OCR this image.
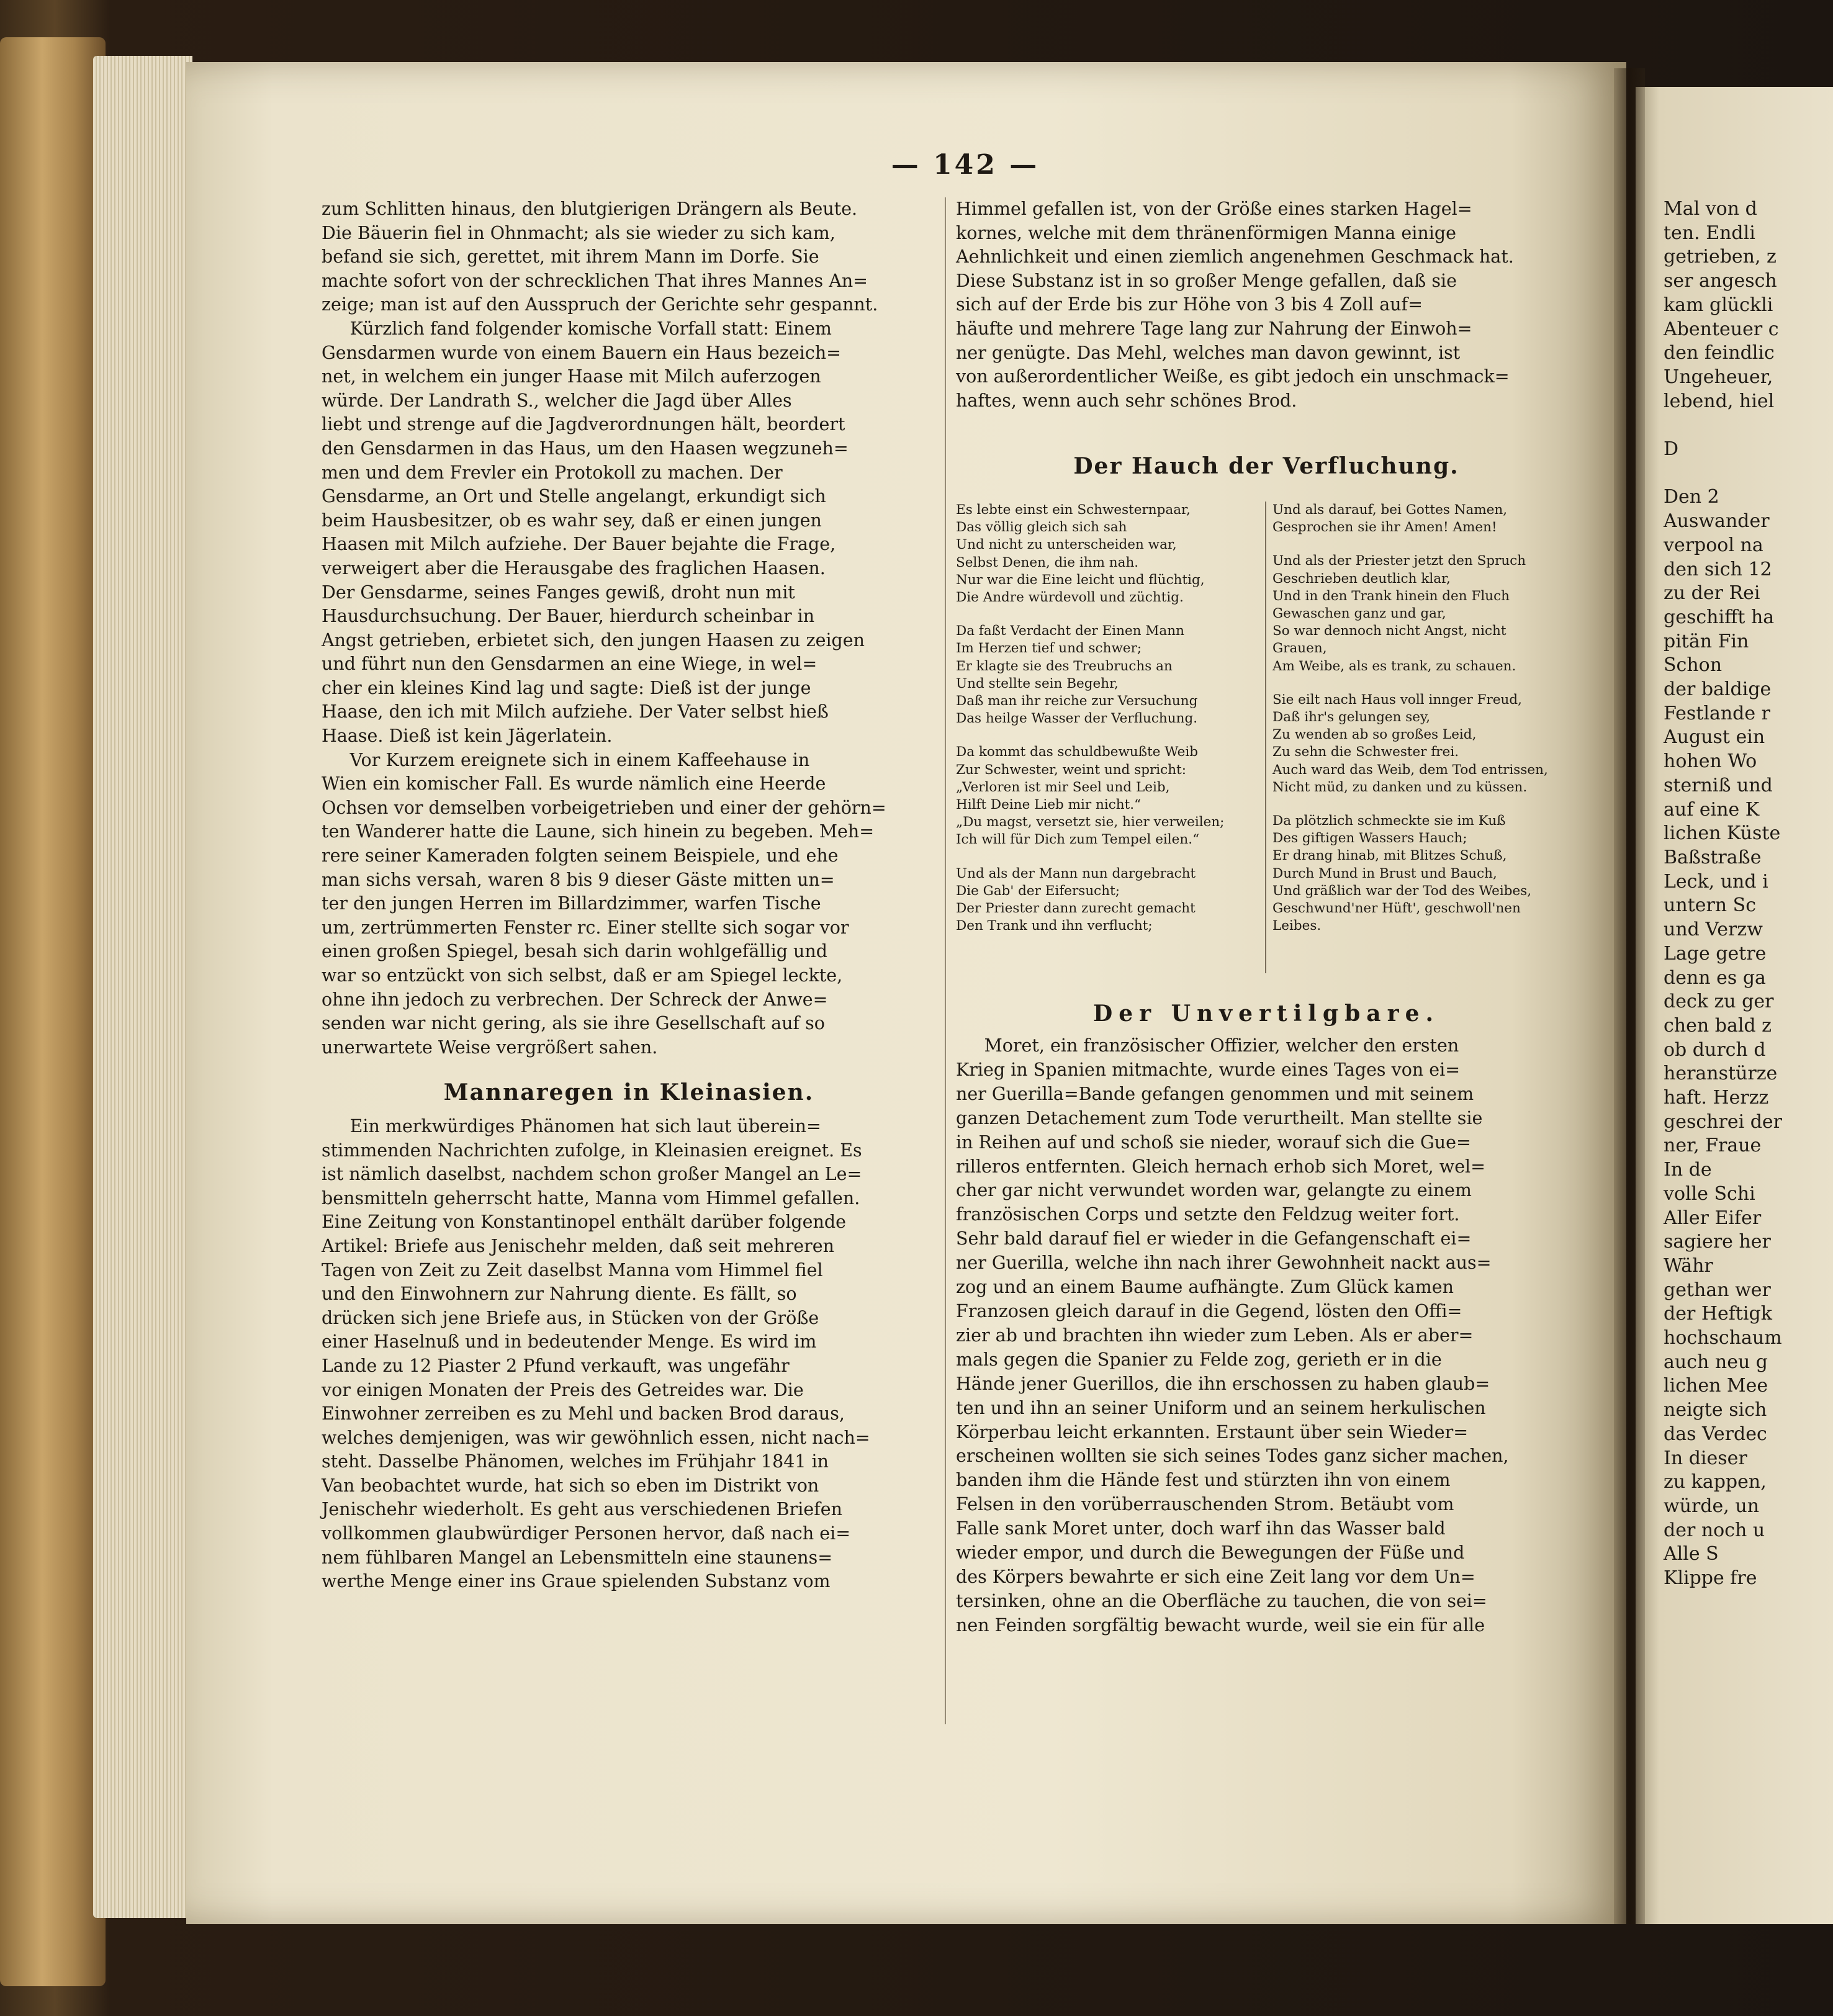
— 142 —

zum Schlitten hinaus, den blutgierigen Drängern als Beute.

Die Bäuerin fiel in Ohnmacht; als sie wieder zu sich kam,

befand sie sich, gerettet, mit ihrem Mann im Dorfe. Sie

machte sofort von der schrecklichen That ihres Mannes An=

zeige; man ist auf den Ausspruch der Gerichte sehr gespannt.

Kürzlich fand folgender komische Vorfall statt: Einem

Gensdarmen wurde von einem Bauern ein Haus bezeich=

net, in welchem ein junger Haase mit Milch auferzogen

würde. Der Landrath S., welcher die Jagd über Alles

liebt und strenge auf die Jagdverordnungen hält, beordert

den Gensdarmen in das Haus, um den Haasen wegzuneh=

men und dem Frevler ein Protokoll zu machen. Der

Gensdarme, an Ort und Stelle angelangt, erkundigt sich

beim Hausbesitzer, ob es wahr sey, daß er einen jungen

Haasen mit Milch aufziehe. Der Bauer bejahte die Frage,

verweigert aber die Herausgabe des fraglichen Haasen.

Der Gensdarme, seines Fanges gewiß, droht nun mit

Hausdurchsuchung. Der Bauer, hierdurch scheinbar in

Angst getrieben, erbietet sich, den jungen Haasen zu zeigen

und führt nun den Gensdarmen an eine Wiege, in wel=

cher ein kleines Kind lag und sagte: Dieß ist der junge

Haase, den ich mit Milch aufziehe. Der Vater selbst hieß

Haase. Dieß ist kein Jägerlatein.

Vor Kurzem ereignete sich in einem Kaffeehause in

Wien ein komischer Fall. Es wurde nämlich eine Heerde

Ochsen vor demselben vorbeigetrieben und einer der gehörn=

ten Wanderer hatte die Laune, sich hinein zu begeben. Meh=

rere seiner Kameraden folgten seinem Beispiele, und ehe

man sichs versah, waren 8 bis 9 dieser Gäste mitten un=

ter den jungen Herren im Billardzimmer, warfen Tische

um, zertrümmerten Fenster rc. Einer stellte sich sogar vor

einen großen Spiegel, besah sich darin wohlgefällig und

war so entzückt von sich selbst, daß er am Spiegel leckte,

ohne ihn jedoch zu verbrechen. Der Schreck der Anwe=

senden war nicht gering, als sie ihre Gesellschaft auf so

unerwartete Weise vergrößert sahen.

Mannaregen in Kleinasien.

Ein merkwürdiges Phänomen hat sich laut überein=

stimmenden Nachrichten zufolge, in Kleinasien ereignet. Es

ist nämlich daselbst, nachdem schon großer Mangel an Le=

bensmitteln geherrscht hatte, Manna vom Himmel gefallen.

Eine Zeitung von Konstantinopel enthält darüber folgende

Artikel: Briefe aus Jenischehr melden, daß seit mehreren

Tagen von Zeit zu Zeit daselbst Manna vom Himmel fiel

und den Einwohnern zur Nahrung diente. Es fällt, so

drücken sich jene Briefe aus, in Stücken von der Größe

einer Haselnuß und in bedeutender Menge. Es wird im

Lande zu 12 Piaster 2 Pfund verkauft, was ungefähr

vor einigen Monaten der Preis des Getreides war. Die

Einwohner zerreiben es zu Mehl und backen Brod daraus,

welches demjenigen, was wir gewöhnlich essen, nicht nach=

steht. Dasselbe Phänomen, welches im Frühjahr 1841 in

Van beobachtet wurde, hat sich so eben im Distrikt von

Jenischehr wiederholt. Es geht aus verschiedenen Briefen

vollkommen glaubwürdiger Personen hervor, daß nach ei=

nem fühlbaren Mangel an Lebensmitteln eine staunens=

werthe Menge einer ins Graue spielenden Substanz vom

Himmel gefallen ist, von der Größe eines starken Hagel=

kornes, welche mit dem thränenförmigen Manna einige

Aehnlichkeit und einen ziemlich angenehmen Geschmack hat.

Diese Substanz ist in so großer Menge gefallen, daß sie

sich auf der Erde bis zur Höhe von 3 bis 4 Zoll auf=

häufte und mehrere Tage lang zur Nahrung der Einwoh=

ner genügte. Das Mehl, welches man davon gewinnt, ist

von außerordentlicher Weiße, es gibt jedoch ein unschmack=

haftes, wenn auch sehr schönes Brod.

Der Hauch der Verfluchung.

Es lebte einst ein Schwesternpaar,

Das völlig gleich sich sah

Und nicht zu unterscheiden war,

Selbst Denen, die ihm nah.

Nur war die Eine leicht und flüchtig,

Die Andre würdevoll und züchtig.

Da faßt Verdacht der Einen Mann

Im Herzen tief und schwer;

Er klagte sie des Treubruchs an

Und stellte sein Begehr,

Daß man ihr reiche zur Versuchung

Das heilge Wasser der Verfluchung.

Da kommt das schuldbewußte Weib

Zur Schwester, weint und spricht:

„Verloren ist mir Seel und Leib,

Hilft Deine Lieb mir nicht.“

„Du magst, versetzt sie, hier verweilen;

Ich will für Dich zum Tempel eilen.“

Und als der Mann nun dargebracht

Die Gab' der Eifersucht;

Der Priester dann zurecht gemacht

Den Trank und ihn verflucht;

Und als darauf, bei Gottes Namen,

Gesprochen sie ihr Amen! Amen!

Und als der Priester jetzt den Spruch

Geschrieben deutlich klar,

Und in den Trank hinein den Fluch

Gewaschen ganz und gar,

So war dennoch nicht Angst, nicht

Grauen,

Am Weibe, als es trank, zu schauen.

Sie eilt nach Haus voll innger Freud,

Daß ihr's gelungen sey,

Zu wenden ab so großes Leid,

Zu sehn die Schwester frei.

Auch ward das Weib, dem Tod entrissen,

Nicht müd, zu danken und zu küssen.

Da plötzlich schmeckte sie im Kuß

Des giftigen Wassers Hauch;

Er drang hinab, mit Blitzes Schuß,

Durch Mund in Brust und Bauch,

Und gräßlich war der Tod des Weibes,

Geschwund'ner Hüft', geschwoll'nen

Leibes.

Der Unvertilgbare.

Moret, ein französischer Offizier, welcher den ersten

Krieg in Spanien mitmachte, wurde eines Tages von ei=

ner Guerilla=Bande gefangen genommen und mit seinem

ganzen Detachement zum Tode verurtheilt. Man stellte sie

in Reihen auf und schoß sie nieder, worauf sich die Gue=

rilleros entfernten. Gleich hernach erhob sich Moret, wel=

cher gar nicht verwundet worden war, gelangte zu einem

französischen Corps und setzte den Feldzug weiter fort.

Sehr bald darauf fiel er wieder in die Gefangenschaft ei=

ner Guerilla, welche ihn nach ihrer Gewohnheit nackt aus=

zog und an einem Baume aufhängte. Zum Glück kamen

Franzosen gleich darauf in die Gegend, lösten den Offi=

zier ab und brachten ihn wieder zum Leben. Als er aber=

mals gegen die Spanier zu Felde zog, gerieth er in die

Hände jener Guerillos, die ihn erschossen zu haben glaub=

ten und ihn an seiner Uniform und an seinem herkulischen

Körperbau leicht erkannten. Erstaunt über sein Wieder=

erscheinen wollten sie sich seines Todes ganz sicher machen,

banden ihm die Hände fest und stürzten ihn von einem

Felsen in den vorüberrauschenden Strom. Betäubt vom

Falle sank Moret unter, doch warf ihn das Wasser bald

wieder empor, und durch die Bewegungen der Füße und

des Körpers bewahrte er sich eine Zeit lang vor dem Un=

tersinken, ohne an die Oberfläche zu tauchen, die von sei=

nen Feinden sorgfältig bewacht wurde, weil sie ein für alle

Mal von d

ten. Endli

getrieben, z

ser angesch

kam glückli

Abenteuer c

den feindlic

Ungeheuer,

lebend, hiel

D

Den 2

Auswander

verpool na

den sich 12

zu der Rei

geschifft ha

pitän Fin

Schon

der baldige

Festlande r

August ein

hohen Wo

sterniß und

auf eine K

lichen Küste

Baßstraße

Leck, und i

untern Sc

und Verzw

Lage getre

denn es ga

deck zu ger

chen bald z

ob durch d

heranstürze

haft. Herzz

geschrei der

ner, Fraue

In de

volle Schi

Aller Eifer

sagiere her

Währ

gethan wer

der Heftigk

hochschaum

auch neu g

lichen Mee

neigte sich

das Verdec

In dieser

zu kappen,

würde, un

der noch u

Alle S

Klippe fre
